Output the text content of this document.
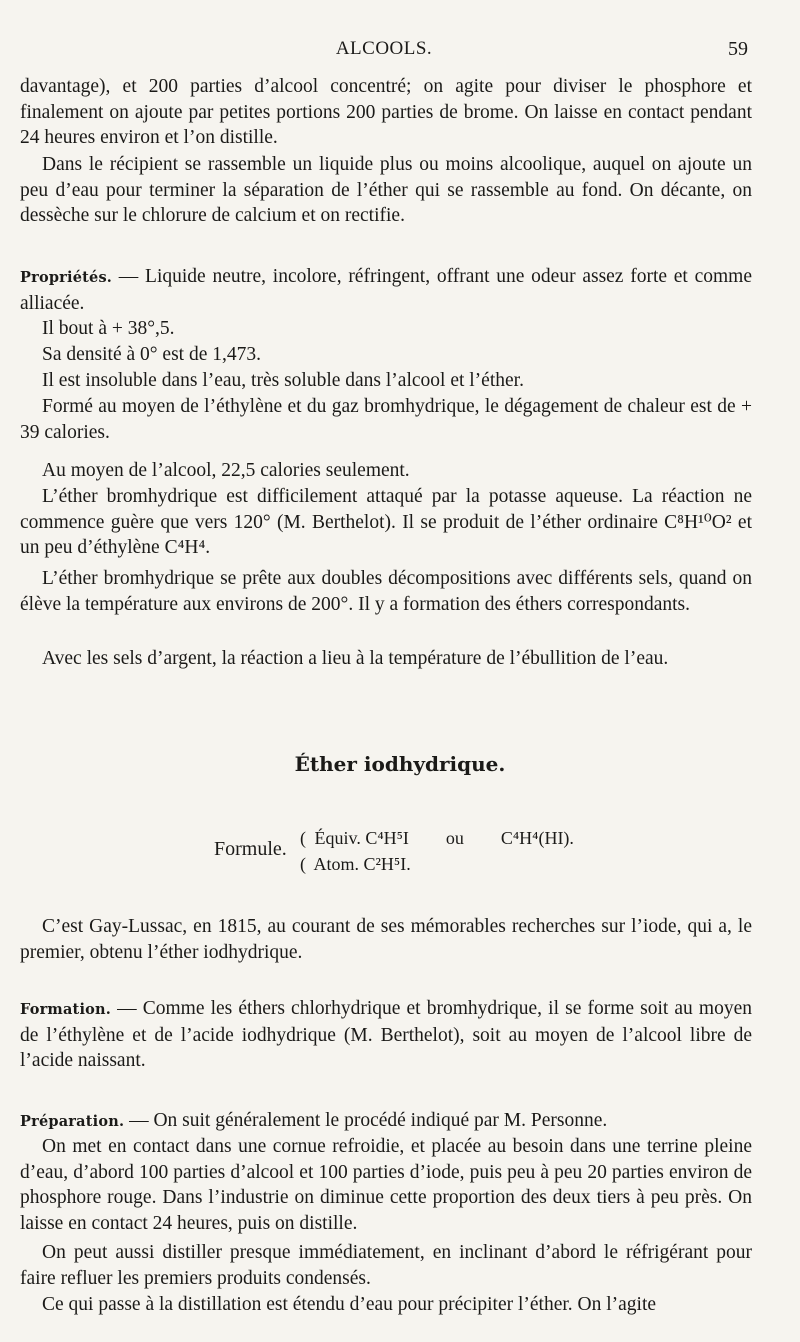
ALCOOLS.	59

davantage), et 200 parties d’alcool concentré; on agite pour diviser le phosphore et finalement on ajoute par petites portions 200 parties de brome. On laisse en contact pendant 24 heures environ et l’on distille.

Dans le récipient se rassemble un liquide plus ou moins alcoolique, auquel on ajoute un peu d’eau pour terminer la séparation de l’éther qui se rassemble au fond. On décante, on dessèche sur le chlorure de calcium et on rectifie.

Propriétés. — Liquide neutre, incolore, réfringent, offrant une odeur assez forte et comme alliacée.

Il bout à + 38°,5.

Sa densité à 0° est de 1,473.

Il est insoluble dans l’eau, très soluble dans l’alcool et l’éther.

Formé au moyen de l’éthylène et du gaz bromhydrique, le dégagement de chaleur est de + 39 calories.

Au moyen de l’alcool, 22,5 calories seulement.

L’éther bromhydrique est difficilement attaqué par la potasse aqueuse. La réaction ne commence guère que vers 120° (M. Berthelot). Il se produit de l’éther ordinaire C⁸H¹⁰O² et un peu d’éthylène C⁴H⁴.

L’éther bromhydrique se prête aux doubles décompositions avec différents sels, quand on élève la température aux environs de 200°. Il y a formation des éthers correspondants.

Avec les sels d’argent, la réaction a lieu à la température de l’ébullition de l’eau.

Éther iodhydrique.
Formule. ( Équiv. C⁴H⁵I ou C⁴H⁴(HI).
( Atom. C²H⁵I.

C’est Gay-Lussac, en 1815, au courant de ses mémorables recherches sur l’iode, qui a, le premier, obtenu l’éther iodhydrique.

Formation. — Comme les éthers chlorhydrique et bromhydrique, il se forme soit au moyen de l’éthylène et de l’acide iodhydrique (M. Berthelot), soit au moyen de l’alcool libre de l’acide naissant.

Préparation. — On suit généralement le procédé indiqué par M. Personne.

On met en contact dans une cornue refroidie, et placée au besoin dans une terrine pleine d’eau, d’abord 100 parties d’alcool et 100 parties d’iode, puis peu à peu 20 parties environ de phosphore rouge. Dans l’industrie on diminue cette proportion des deux tiers à peu près. On laisse en contact 24 heures, puis on distille.

On peut aussi distiller presque immédiatement, en inclinant d’abord le réfrigérant pour faire refluer les premiers produits condensés.

Ce qui passe à la distillation est étendu d’eau pour précipiter l’éther. On l’agite
